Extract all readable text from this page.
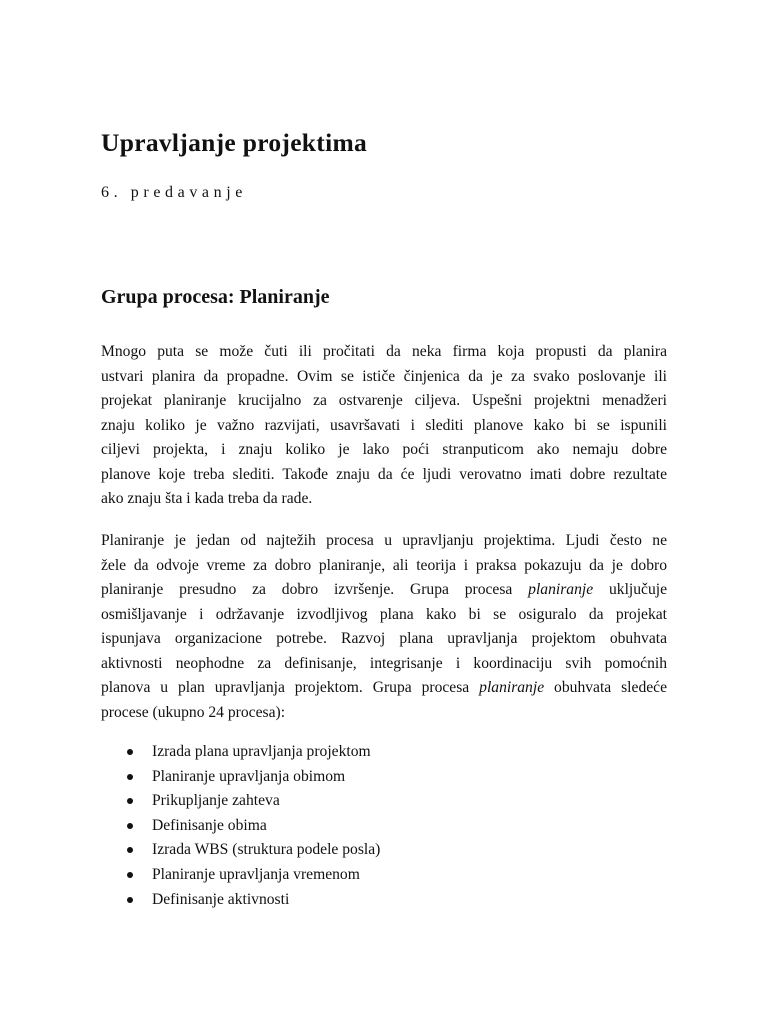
Upravljanje projektima
6. predavanje
Grupa procesa: Planiranje

Mnogo puta se može čuti ili pročitati da neka firma koja propusti da planira
ustvari planira da propadne. Ovim se ističe činjenica da je za svako poslovanje ili
projekat planiranje krucijalno za ostvarenje ciljeva. Uspešni projektni menadžeri
znaju koliko je važno razvijati, usavršavati i slediti planove kako bi se ispunili
ciljevi projekta, i znaju koliko je lako poći stranputicom ako nemaju dobre
planove koje treba slediti. Takođe znaju da će ljudi verovatno imati dobre rezultate
ako znaju šta i kada treba da rade.

Planiranje je jedan od najtežih procesa u upravljanju projektima. Ljudi često ne
žele da odvoje vreme za dobro planiranje, ali teorija i praksa pokazuju da je dobro
planiranje presudno za dobro izvršenje. Grupa procesa planiranje uključuje
osmišljavanje i održavanje izvodljivog plana kako bi se osiguralo da projekat
ispunjava organizacione potrebe. Razvoj plana upravljanja projektom obuhvata
aktivnosti neophodne za definisanje, integrisanje i koordinaciju svih pomoćnih
planova u plan upravljanja projektom. Grupa procesa planiranje obuhvata sledeće
procese (ukupno 24 procesa):

Izrada plana upravljanja projektom
Planiranje upravljanja obimom
Prikupljanje zahteva
Definisanje obima
Izrada WBS (struktura podele posla)
Planiranje upravljanja vremenom
Definisanje aktivnosti
